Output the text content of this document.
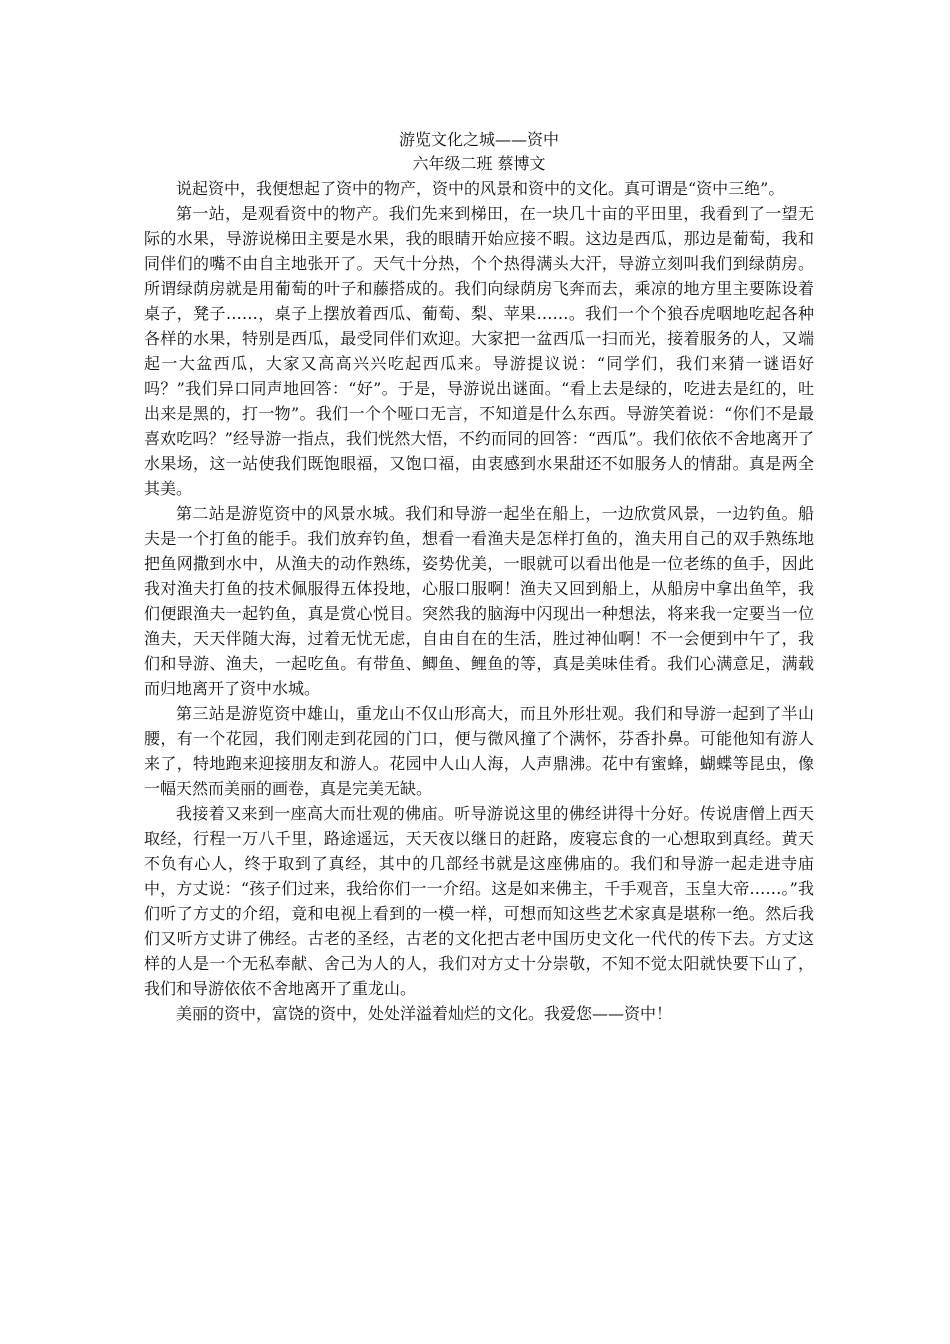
游览文化之城——资中

六年级二班 蔡博文

说起资中，我便想起了资中的物产，资中的风景和资中的文化。真可谓是“资中三绝”。

第一站，是观看资中的物产。我们先来到梯田，在一块几十亩的平田里，我看到了一望无际的水果，导游说梯田主要是水果，我的眼睛开始应接不暇。这边是西瓜，那边是葡萄，我和同伴们的嘴不由自主地张开了。天气十分热，个个热得满头大汗，导游立刻叫我们到绿荫房。所谓绿荫房就是用葡萄的叶子和藤搭成的。我们向绿荫房飞奔而去，乘凉的地方里主要陈设着桌子，凳子……，桌子上摆放着西瓜、葡萄、梨、苹果……。我们一个个狼吞虎咽地吃起各种各样的水果，特别是西瓜，最受同伴们欢迎。大家把一盆西瓜一扫而光，接着服务的人，又端起一大盆西瓜，大家又高高兴兴吃起西瓜来。导游提议说：“同学们，我们来猜一谜语好吗？”我们异口同声地回答：“好”。于是，导游说出谜面。“看上去是绿的，吃进去是红的，吐出来是黑的，打一物”。我们一个个哑口无言，不知道是什么东西。导游笑着说：“你们不是最喜欢吃吗？”经导游一指点，我们恍然大悟，不约而同的回答：“西瓜”。我们依依不舍地离开了水果场，这一站使我们既饱眼福，又饱口福，由衷感到水果甜还不如服务人的情甜。真是两全其美。

第二站是游览资中的风景水城。我们和导游一起坐在船上，一边欣赏风景，一边钓鱼。船夫是一个打鱼的能手。我们放弃钓鱼，想看一看渔夫是怎样打鱼的，渔夫用自己的双手熟练地把鱼网撒到水中，从渔夫的动作熟练，姿势优美，一眼就可以看出他是一位老练的鱼手，因此我对渔夫打鱼的技术佩服得五体投地，心服口服啊！渔夫又回到船上，从船房中拿出鱼竿，我们便跟渔夫一起钓鱼，真是赏心悦目。突然我的脑海中闪现出一种想法，将来我一定要当一位渔夫，天天伴随大海，过着无忧无虑，自由自在的生活，胜过神仙啊！不一会便到中午了，我们和导游、渔夫，一起吃鱼。有带鱼、鲫鱼、鲤鱼的等，真是美味佳肴。我们心满意足，满载而归地离开了资中水城。

第三站是游览资中雄山，重龙山不仅山形高大，而且外形壮观。我们和导游一起到了半山腰，有一个花园，我们刚走到花园的门口，便与微风撞了个满怀，芬香扑鼻。可能他知有游人来了，特地跑来迎接朋友和游人。花园中人山人海，人声鼎沸。花中有蜜蜂，蝴蝶等昆虫，像一幅天然而美丽的画卷，真是完美无缺。

我接着又来到一座高大而壮观的佛庙。听导游说这里的佛经讲得十分好。传说唐僧上西天取经，行程一万八千里，路途遥远，天天夜以继日的赶路，废寝忘食的一心想取到真经。黄天不负有心人，终于取到了真经，其中的几部经书就是这座佛庙的。我们和导游一起走进寺庙中，方丈说：“孩子们过来，我给你们一一介绍。这是如来佛主，千手观音，玉皇大帝……。”我们听了方丈的介绍，竟和电视上看到的一模一样，可想而知这些艺术家真是堪称一绝。然后我们又听方丈讲了佛经。古老的圣经，古老的文化把古老中国历史文化一代代的传下去。方丈这样的人是一个无私奉献、舍己为人的人，我们对方丈十分崇敬，不知不觉太阳就快要下山了，我们和导游依依不舍地离开了重龙山。

美丽的资中，富饶的资中，处处洋溢着灿烂的文化。我爱您——资中！
